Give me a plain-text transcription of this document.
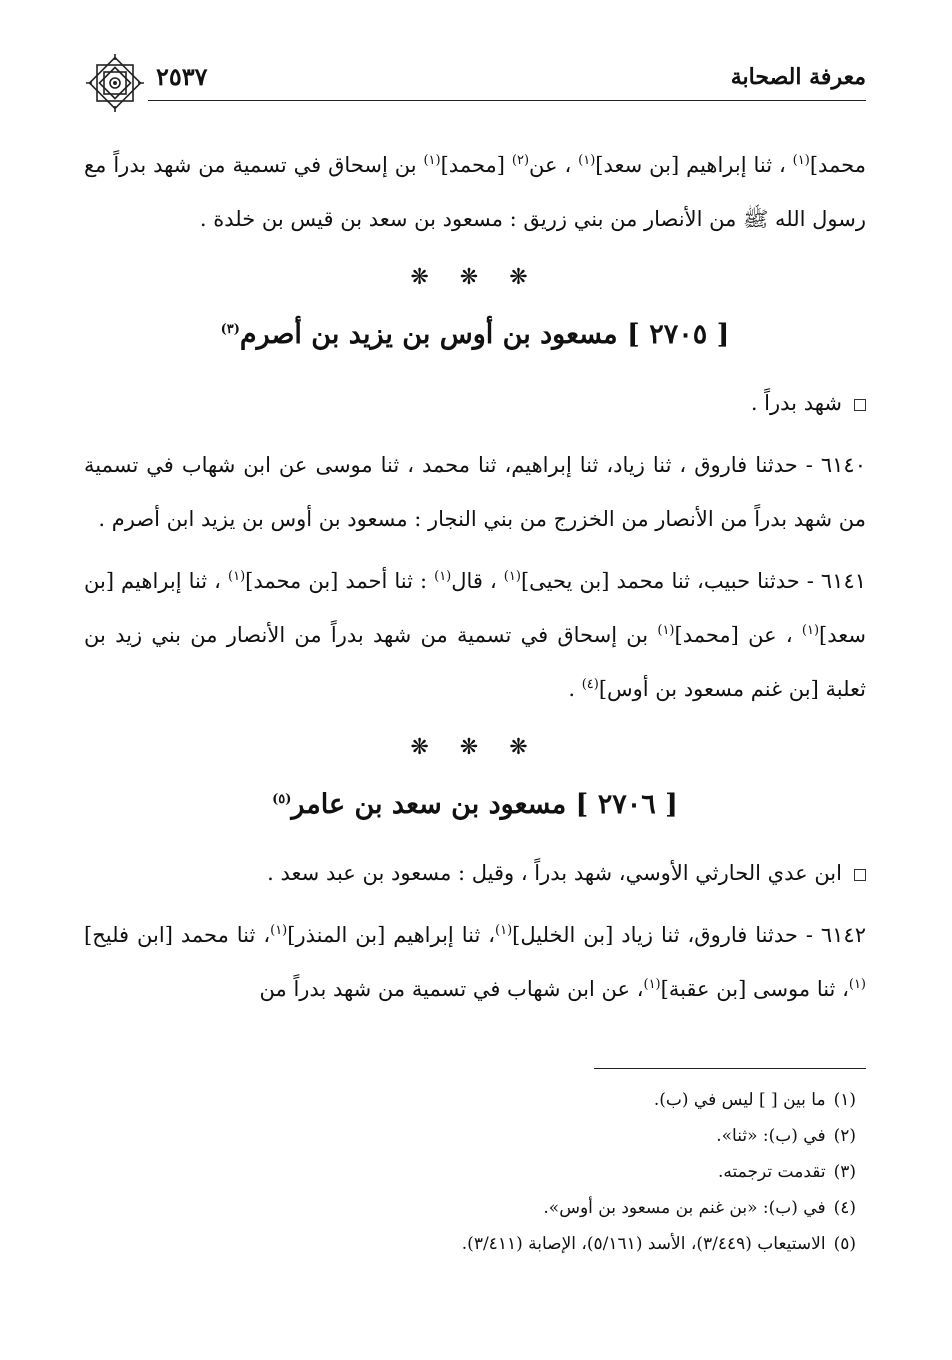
معرفة الصحابة
٢٥٣٧

محمد]$^{(١)}$ ، ثنا إبراهيم [بن سعد]$^{(١)}$ ، عن$^{(٢)}$ [محمد]$^{(١)}$ بن إسحاق في تسمية من شهد بدراً مع رسول الله ﷺ من الأنصار من بني زريق : مسعود بن سعد بن قيس بن خلدة .

❋ ❋ ❋
[ ٢٧٠٥ ] مسعود بن أوس بن يزيد بن أصرم$^{(٣)}$

شهد بدراً .

٦١٤٠ - حدثنا فاروق ، ثنا زياد، ثنا إبراهيم، ثنا محمد ، ثنا موسى عن ابن شهاب في تسمية من شهد بدراً من الأنصار من الخزرج من بني النجار : مسعود بن أوس بن يزيد ابن أصرم .

٦١٤١ - حدثنا حبيب، ثنا محمد [بن يحيى]$^{(١)}$ ، قال$^{(١)}$ : ثنا أحمد [بن محمد]$^{(١)}$ ، ثنا إبراهيم [بن سعد]$^{(١)}$ ، عن [محمد]$^{(١)}$ بن إسحاق في تسمية من شهد بدراً من الأنصار من بني زيد بن ثعلبة [بن غنم مسعود بن أوس]$^{(٤)}$ .

❋ ❋ ❋
[ ٢٧٠٦ ] مسعود بن سعد بن عامر$^{(٥)}$

ابن عدي الحارثي الأوسي، شهد بدراً ، وقيل : مسعود بن عبد سعد .

٦١٤٢ - حدثنا فاروق، ثنا زياد [بن الخليل]$^{(١)}$، ثنا إبراهيم [بن المنذر]$^{(١)}$، ثنا محمد [ابن فليح]$^{(١)}$، ثنا موسى [بن عقبة]$^{(١)}$، عن ابن شهاب في تسمية من شهد بدراً من

(١)ما بين [ ] ليس في (ب).
(٢)في (ب): «ثنا».
(٣)تقدمت ترجمته.
(٤)في (ب): «بن غنم بن مسعود بن أوس».
(٥)الاستيعاب (٣/٤٤٩)، الأسد (٥/١٦١)، الإصابة (٣/٤١١).
